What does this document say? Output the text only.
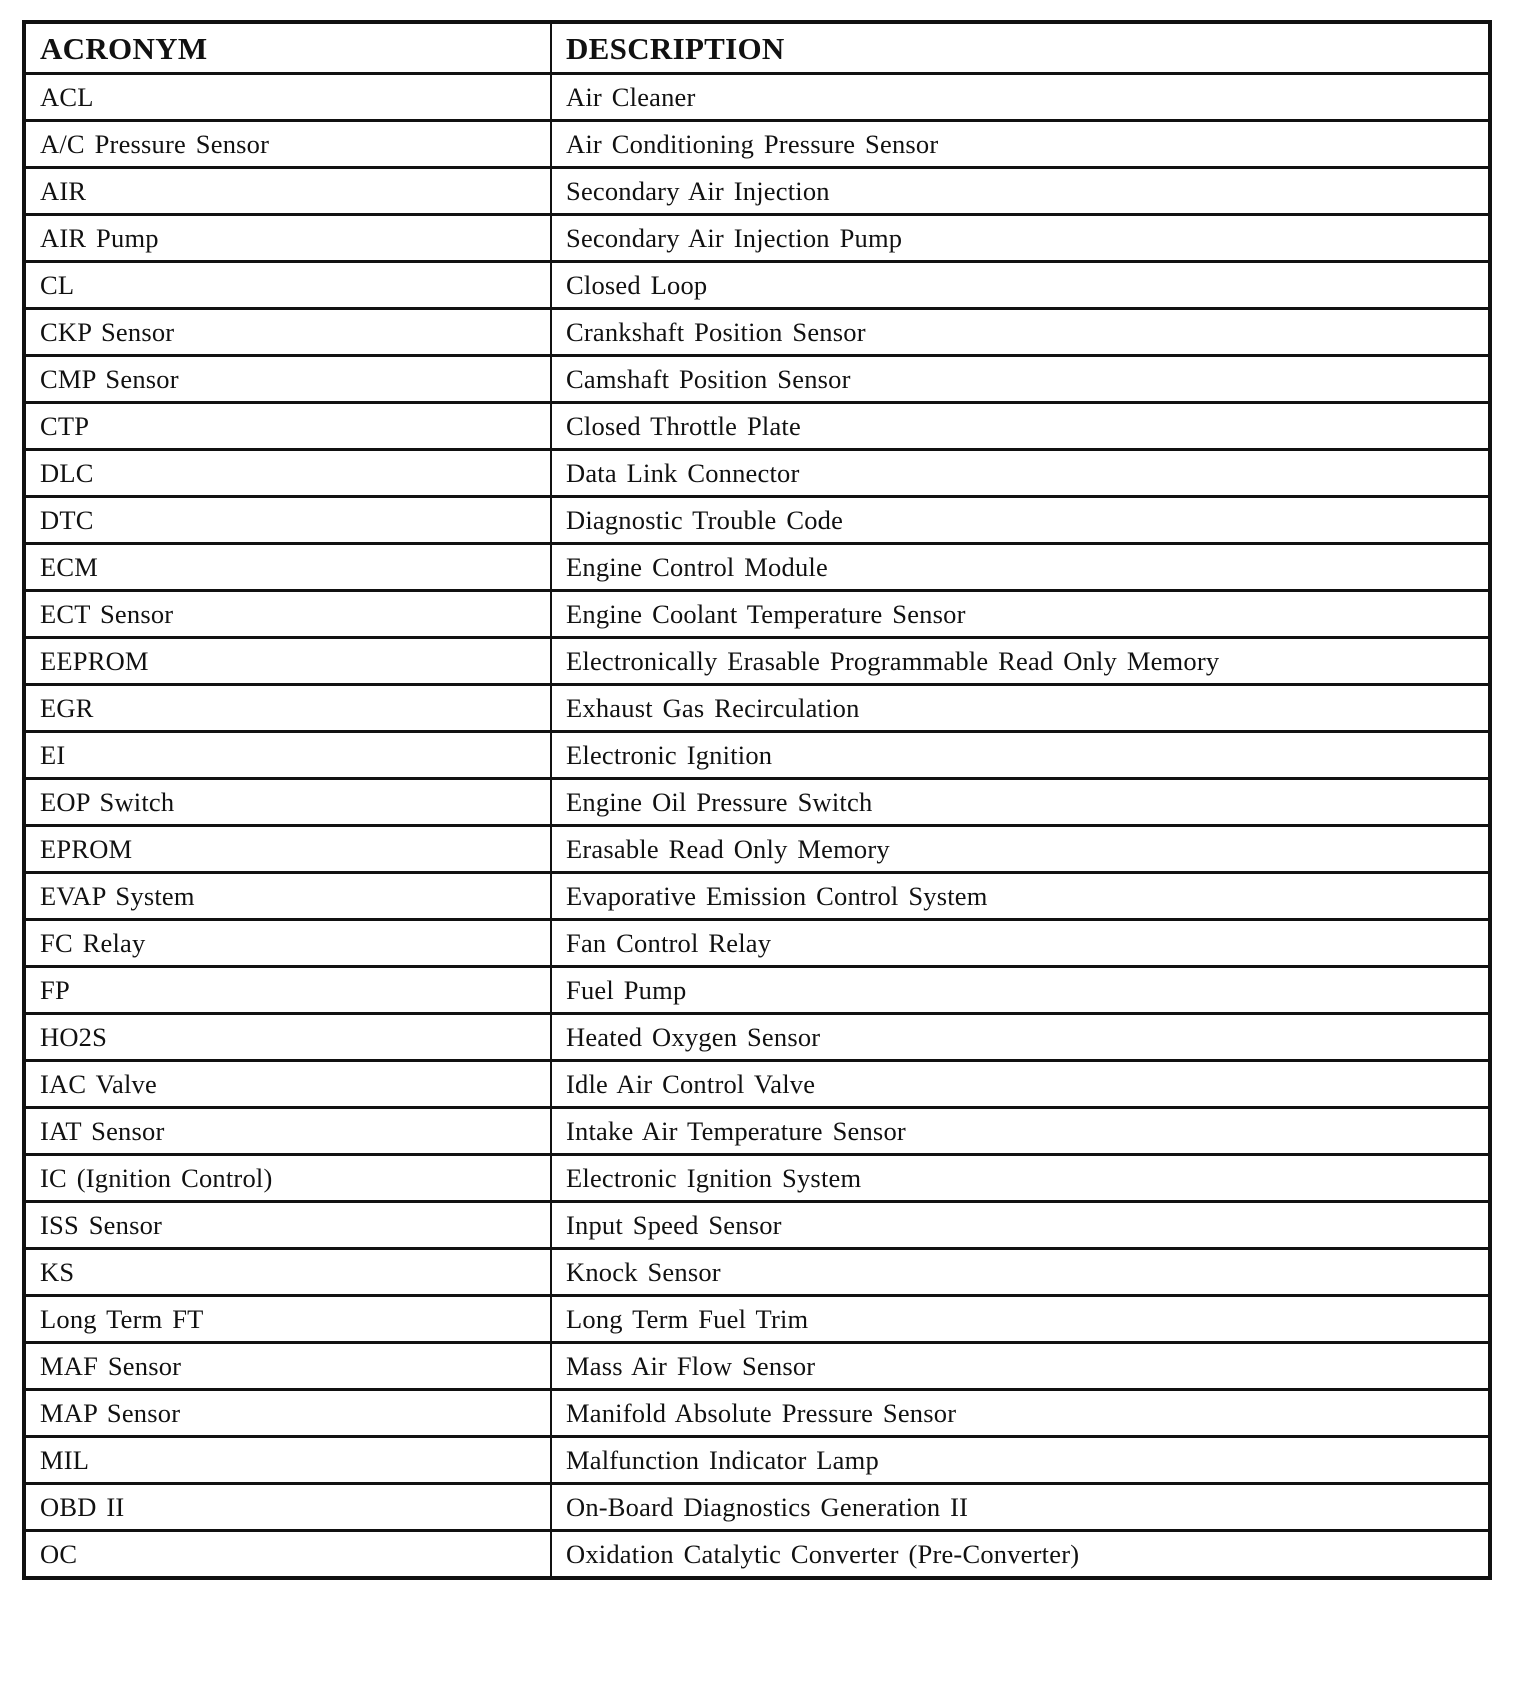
ACRONYM	DESCRIPTION
ACL	Air Cleaner
A/C Pressure Sensor	Air Conditioning Pressure Sensor
AIR	Secondary Air Injection
AIR Pump	Secondary Air Injection Pump
CL	Closed Loop
CKP Sensor	Crankshaft Position Sensor
CMP Sensor	Camshaft Position Sensor
CTP	Closed Throttle Plate
DLC	Data Link Connector
DTC	Diagnostic Trouble Code
ECM	Engine Control Module
ECT Sensor	Engine Coolant Temperature Sensor
EEPROM	Electronically Erasable Programmable Read Only Memory
EGR	Exhaust Gas Recirculation
EI	Electronic Ignition
EOP Switch	Engine Oil Pressure Switch
EPROM	Erasable Read Only Memory
EVAP System	Evaporative Emission Control System
FC Relay	Fan Control Relay
FP	Fuel Pump
HO2S	Heated Oxygen Sensor
IAC Valve	Idle Air Control Valve
IAT Sensor	Intake Air Temperature Sensor
IC (Ignition Control)	Electronic Ignition System
ISS Sensor	Input Speed Sensor
KS	Knock Sensor
Long Term FT	Long Term Fuel Trim
MAF Sensor	Mass Air Flow Sensor
MAP Sensor	Manifold Absolute Pressure Sensor
MIL	Malfunction Indicator Lamp
OBD II	On-Board Diagnostics Generation II
OC	Oxidation Catalytic Converter (Pre-Converter)
